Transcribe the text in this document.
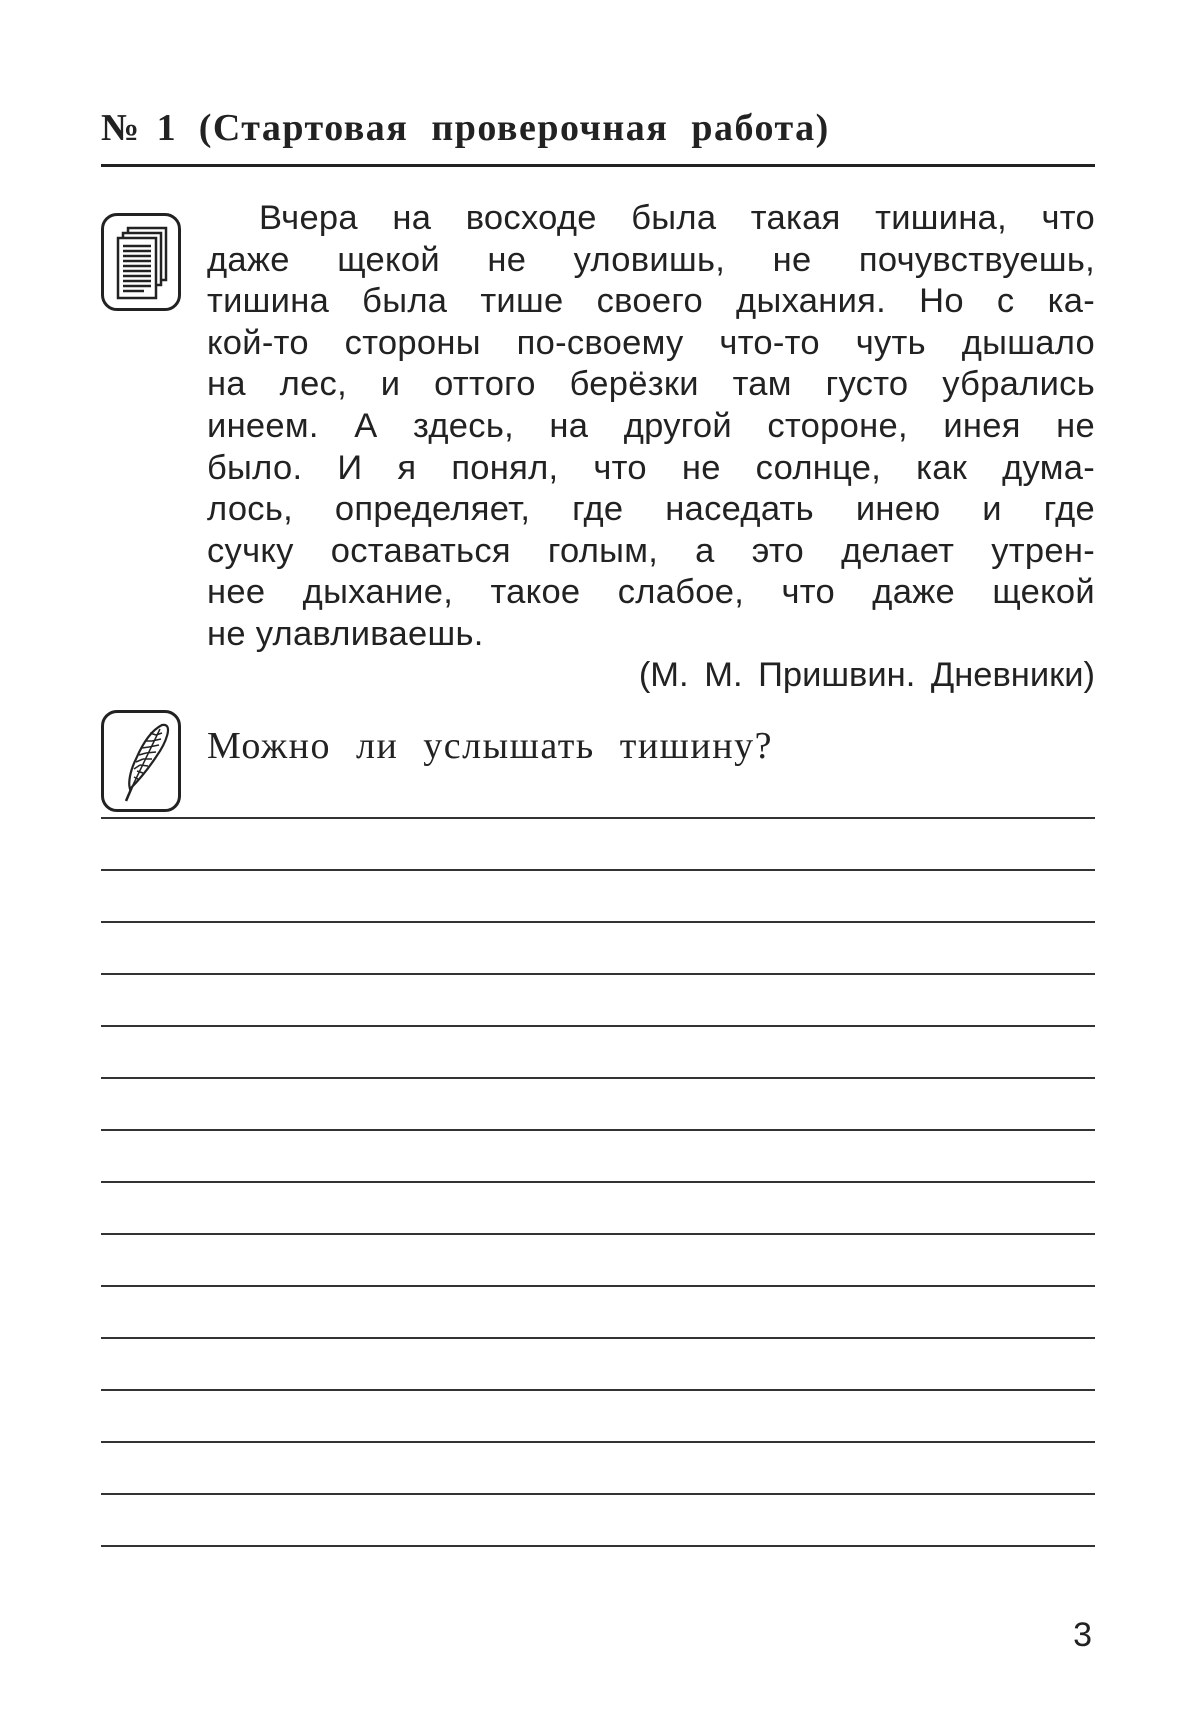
№ 1 (Стартовая проверочная работа)
Вчера на восходе была такая тишина, что
даже щекой не уловишь, не почувствуешь,
тишина была тише своего дыхания. Но с ка-
кой-то стороны по-своему что-то чуть дышало
на лес, и оттого берёзки там густо убрались
инеем. А здесь, на другой стороне, инея не
было. И я понял, что не солнце, как дума-
лось, определяет, где наседать инею и где
сучку оставаться голым, а это делает утрен-
нее дыхание, такое слабое, что даже щекой
не улавливаешь.
(М. М. Пришвин. Дневники)
Можно ли услышать тишину?
3
